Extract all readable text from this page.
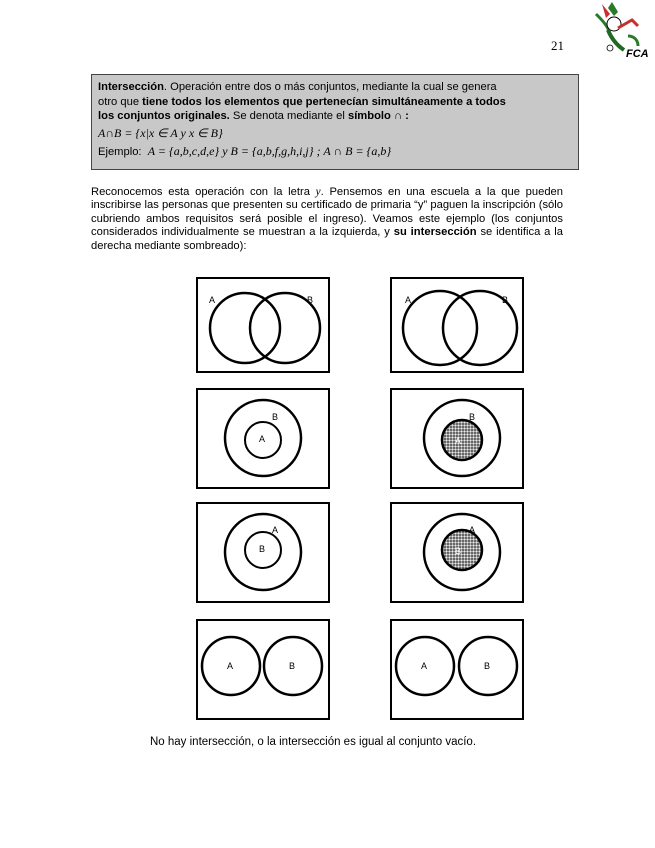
21
FCA
Intersección. Operación entre dos o más conjuntos, mediante la cual se genera
otro que tiene todos los elementos que pertenecían simultáneamente a todos
los conjuntos originales. Se denota mediante el símbolo ∩ :
A∩B = {x|x ∈ A y x ∈ B}
Ejemplo: A = {a,b,c,d,e} y B = {a,b,f,g,h,i,j} ; A ∩ B = {a,b}
Reconocemos esta operación con la letra y. Pensemos en una escuela a la que pueden inscribirse las personas que presenten su certificado de primaria “y” paguen la inscripción (sólo cubriendo ambos requisitos será posible el ingreso). Veamos este ejemplo (los conjuntos considerados individualmente se muestran a la izquierda, y su intersección se identifica a la derecha mediante sombreado):
A	B	A	B
B
A
B
A
A
B
A
B
A	B	A	B
No hay intersección, o la intersección es igual al conjunto vacío.
